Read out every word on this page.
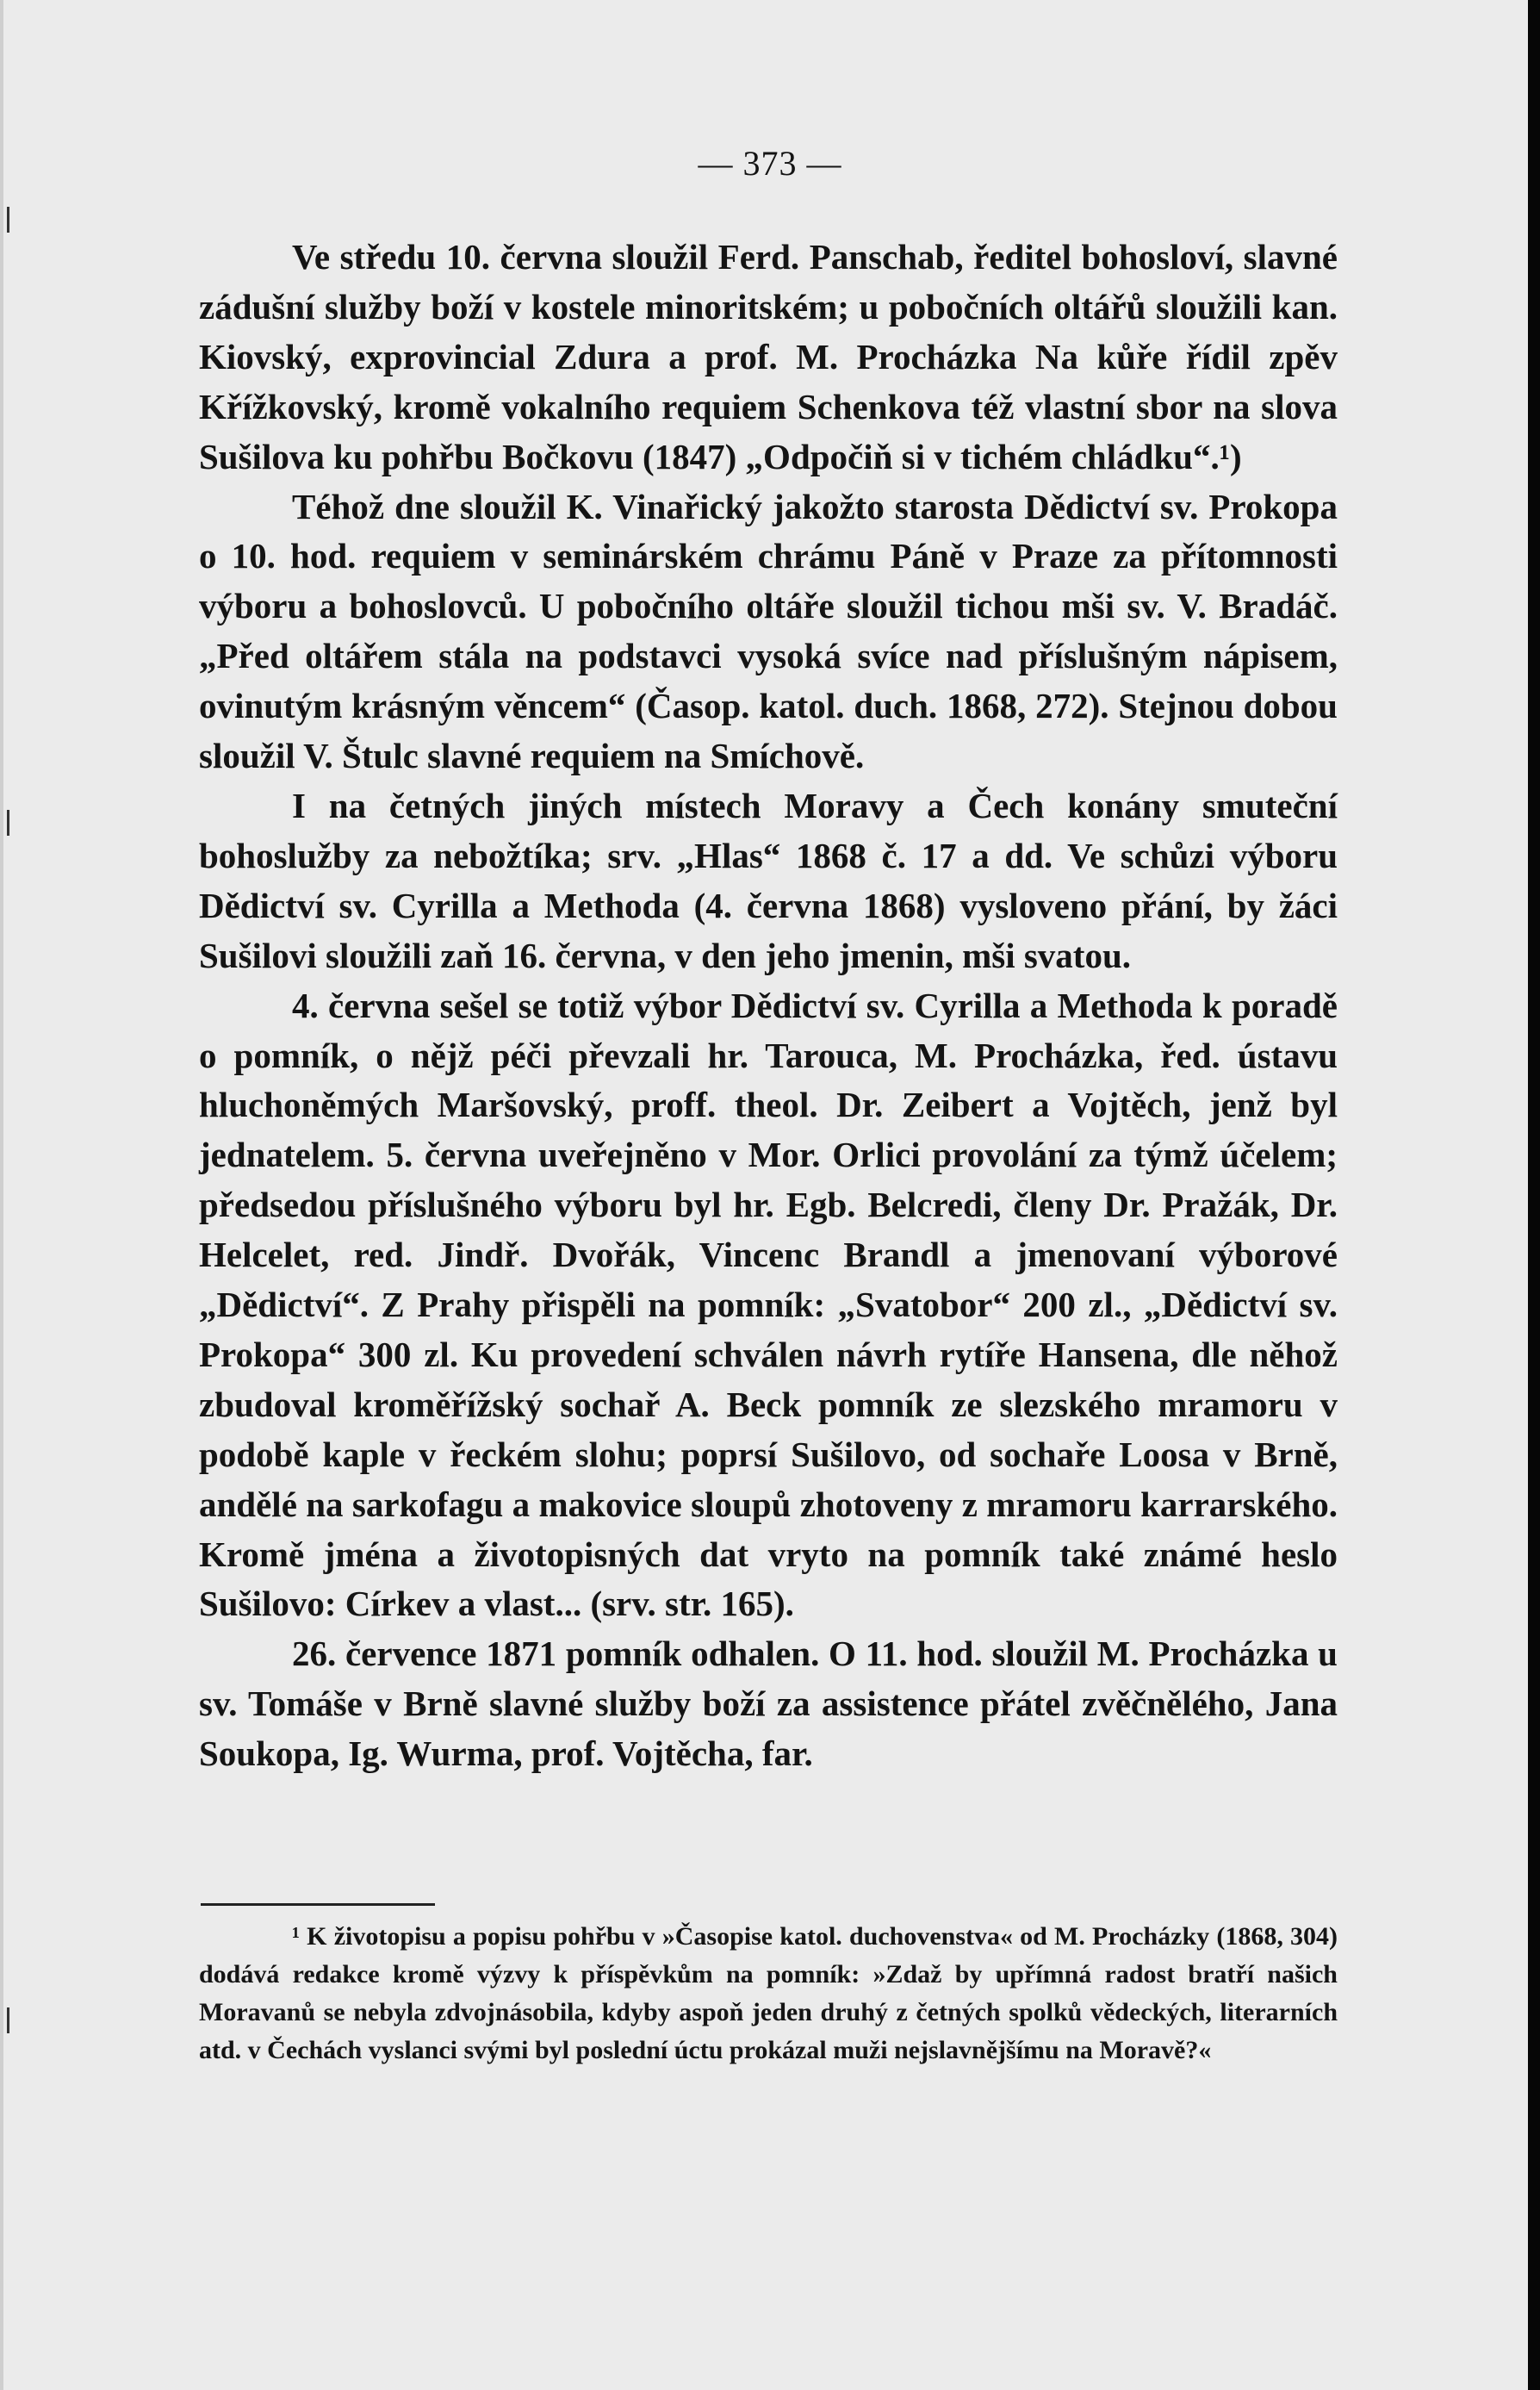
— 373 —

Ve středu 10. června sloužil Ferd. Panschab, ředitel bohosloví, slavné zádušní služby boží v kostele minoritském; u pobočních oltářů sloužili kan. Kiovský, exprovincial Zdura a prof. M. Procházka Na kůře řídil zpěv Křížkovský, kromě vokalního requiem Schenkova též vlastní sbor na slova Sušilova ku pohřbu Bočkovu (1847) „Odpočiň si v tichém chládku“.¹)

Téhož dne sloužil K. Vinařický jakožto starosta Dědictví sv. Prokopa o 10. hod. requiem v seminárském chrámu Páně v Praze za přítomnosti výboru a bohoslovců. U pobočního oltáře sloužil tichou mši sv. V. Bradáč. „Před oltářem stála na podstavci vysoká svíce nad příslušným nápisem, ovinutým krásným věncem“ (Časop. katol. duch. 1868, 272). Stejnou dobou sloužil V. Štulc slavné requiem na Smíchově.

I na četných jiných místech Moravy a Čech konány smuteční bohoslužby za nebožtíka; srv. „Hlas“ 1868 č. 17 a dd. Ve schůzi výboru Dědictví sv. Cyrilla a Methoda (4. června 1868) vysloveno přání, by žáci Sušilovi sloužili zaň 16. června, v den jeho jmenin, mši svatou.

4. června sešel se totiž výbor Dědictví sv. Cyrilla a Methoda k poradě o pomník, o nějž péči převzali hr. Tarouca, M. Procházka, řed. ústavu hluchoněmých Maršovský, proff. theol. Dr. Zeibert a Vojtěch, jenž byl jednatelem. 5. června uveřejněno v Mor. Orlici provolání za týmž účelem; předsedou příslušného výboru byl hr. Egb. Belcredi, členy Dr. Pražák, Dr. Helcelet, red. Jindř. Dvořák, Vincenc Brandl a jmenovaní výborové „Dědictví“. Z Prahy přispěli na pomník: „Svatobor“ 200 zl., „Dědictví sv. Prokopa“ 300 zl. Ku provedení schválen návrh rytíře Hansena, dle něhož zbudoval kroměřížský sochař A. Beck pomník ze slezského mramoru v podobě kaple v řeckém slohu; poprsí Sušilovo, od sochaře Loosa v Brně, andělé na sarkofagu a makovice sloupů zhotoveny z mramoru karrarského. Kromě jména a životopisných dat vryto na pomník také známé heslo Sušilovo: Církev a vlast... (srv. str. 165).

26. července 1871 pomník odhalen. O 11. hod. sloužil M. Procházka u sv. Tomáše v Brně slavné služby boží za assistence přátel zvěčnělého, Jana Soukopa, Ig. Wurma, prof. Vojtěcha, far.

¹ K životopisu a popisu pohřbu v »Časopise katol. duchovenstva« od M. Procházky (1868, 304) dodává redakce kromě výzvy k příspěvkům na pomník: »Zdaž by upřímná radost bratří našich Moravanů se nebyla zdvojnásobila, kdyby aspoň jeden druhý z četných spolků vědeckých, literarních atd. v Čechách vyslanci svými byl poslední úctu prokázal muži nejslavnějšímu na Moravě?«
